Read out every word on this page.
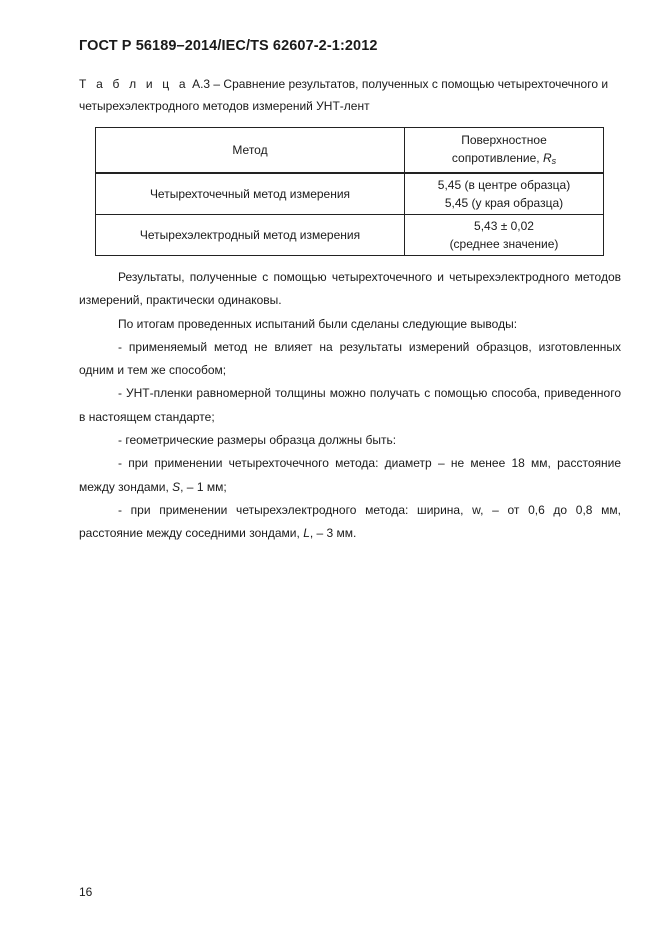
ГОСТ Р 56189–2014/IEC/TS 62607-2-1:2012
Т а б л и ц а А.3 – Сравнение результатов, полученных с помощью четырехточечного и четырехэлектродного методов измерений УНТ-лент
Метод	Поверхностное
сопротивление, $R_s$
Четырехточечный метод измерения	5,45 (в центре образца)
5,45 (у края образца)
Четырехэлектродный метод измерения	5,43 ± 0,02
(среднее значение)

Результаты, полученные с помощью четырехточечного и четырехэлектродного методов измерений, практически одинаковы.

По итогам проведенных испытаний были сделаны следующие выводы:

- применяемый метод не влияет на результаты измерений образцов, изготовленных одним и тем же способом;

- УНТ-пленки равномерной толщины можно получать с помощью способа, приведенного в настоящем стандарте;

- геометрические размеры образца должны быть:

- при применении четырехточечного метода: диаметр – не менее 18 мм, расстояние между зондами, S, – 1 мм;

- при применении четырехэлектродного метода: ширина, w, – от 0,6 до 0,8 мм, расстояние между соседними зондами, L, – 3 мм.

16
